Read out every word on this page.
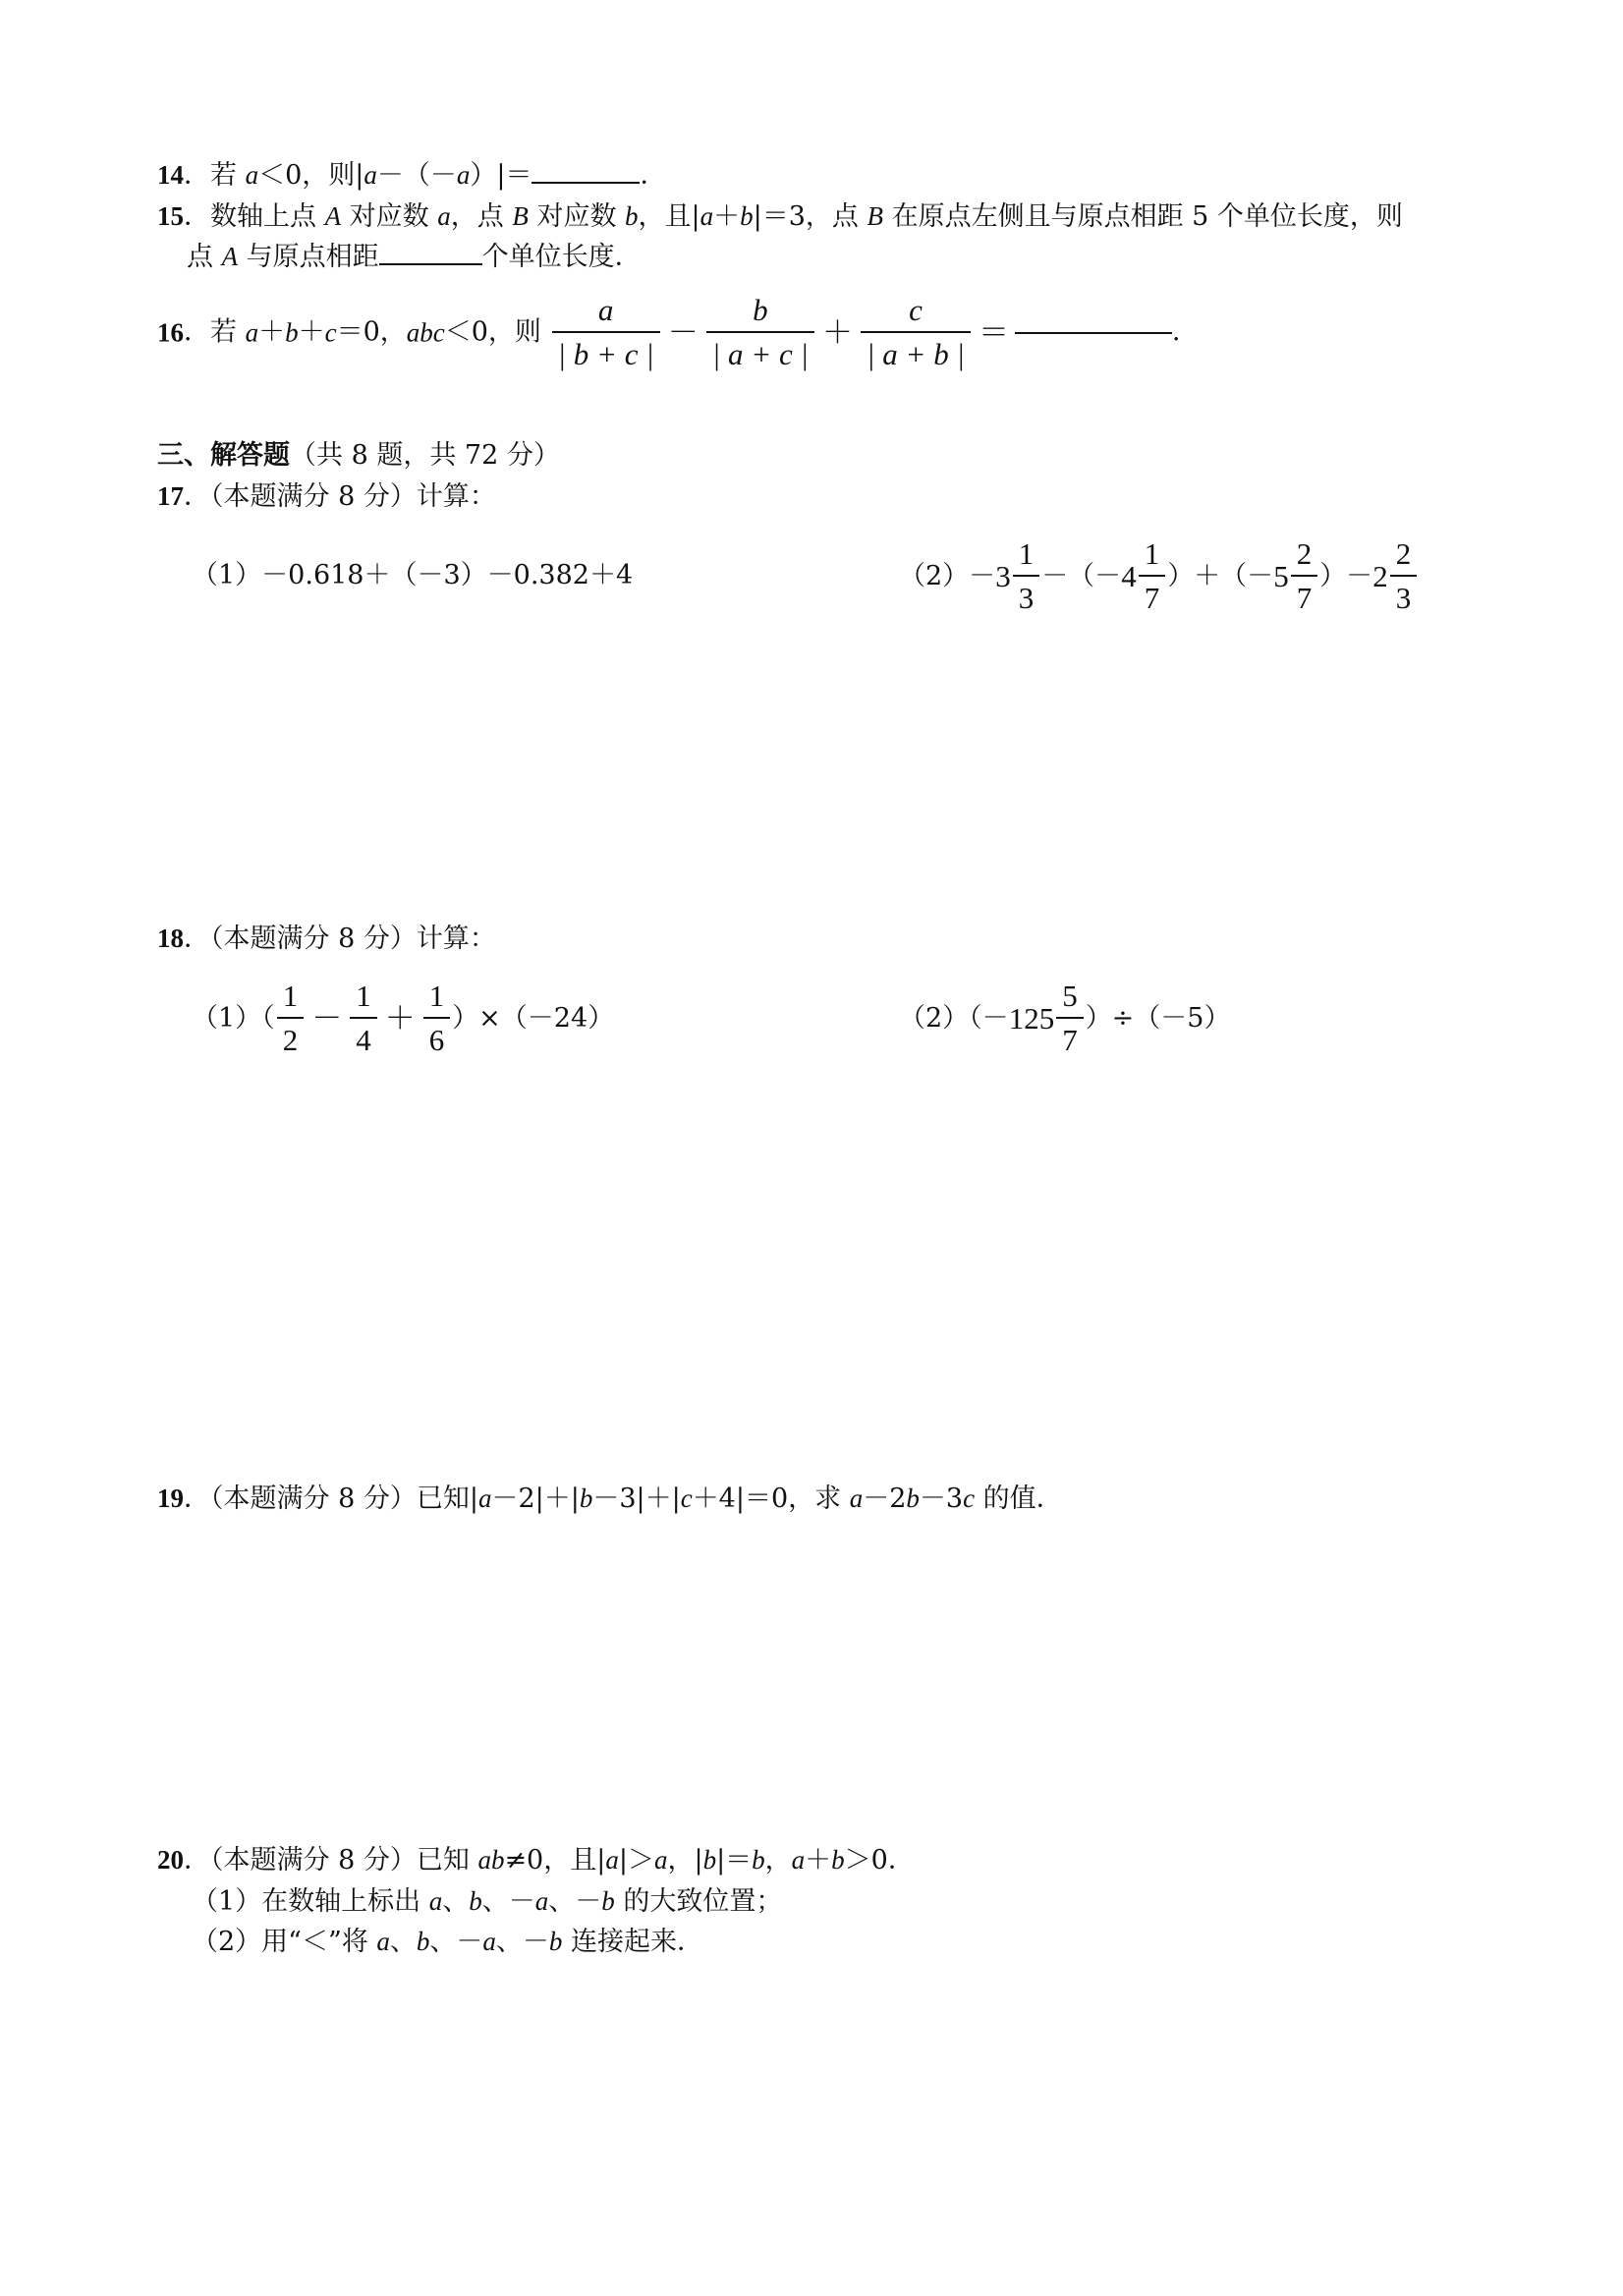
14．若 a＜0，则|a－（－a）|＝	．
15．数轴上点 A 对应数 a，点 B 对应数 b，且|a＋b|＝3，点 B 在原点左侧且与原点相距 5 个单位长度，则
点 A 与原点相距	个单位长度．
16．若 a＋b＋c＝0，abc＜0，则 $\frac{a}{| b + c |} - \frac{b}{| a + c |} + \frac{c}{| a + b |}$ ＝	．
三、解答题（共 8 题，共 72 分）
17．（本题满分 8 分）计算：
（1）－0.618＋（－3）－0.382＋4	$(2)-3 \frac{1}{3} -(-4 \frac{1}{7} )+(-5 \frac{2}{7} )-2 \frac{2}{3}$
18．（本题满分 8 分）计算：
$(1)( \frac{1}{2} - \frac{1}{4} + \frac{1}{6} )\times(-24)$	$(2)(-125 \frac{5}{7} )\div(-5)$
19．（本题满分 8 分）已知|a－2|＋|b－3|＋|c＋4|＝0，求 a－2b－3c 的值．
20．（本题满分 8 分）已知 ab≠0，且|a|＞a，|b|＝b，a＋b＞0．
（1）在数轴上标出 a、b、－a、－b 的大致位置；
（2）用“＜”将 a、b、－a、－b 连接起来．
